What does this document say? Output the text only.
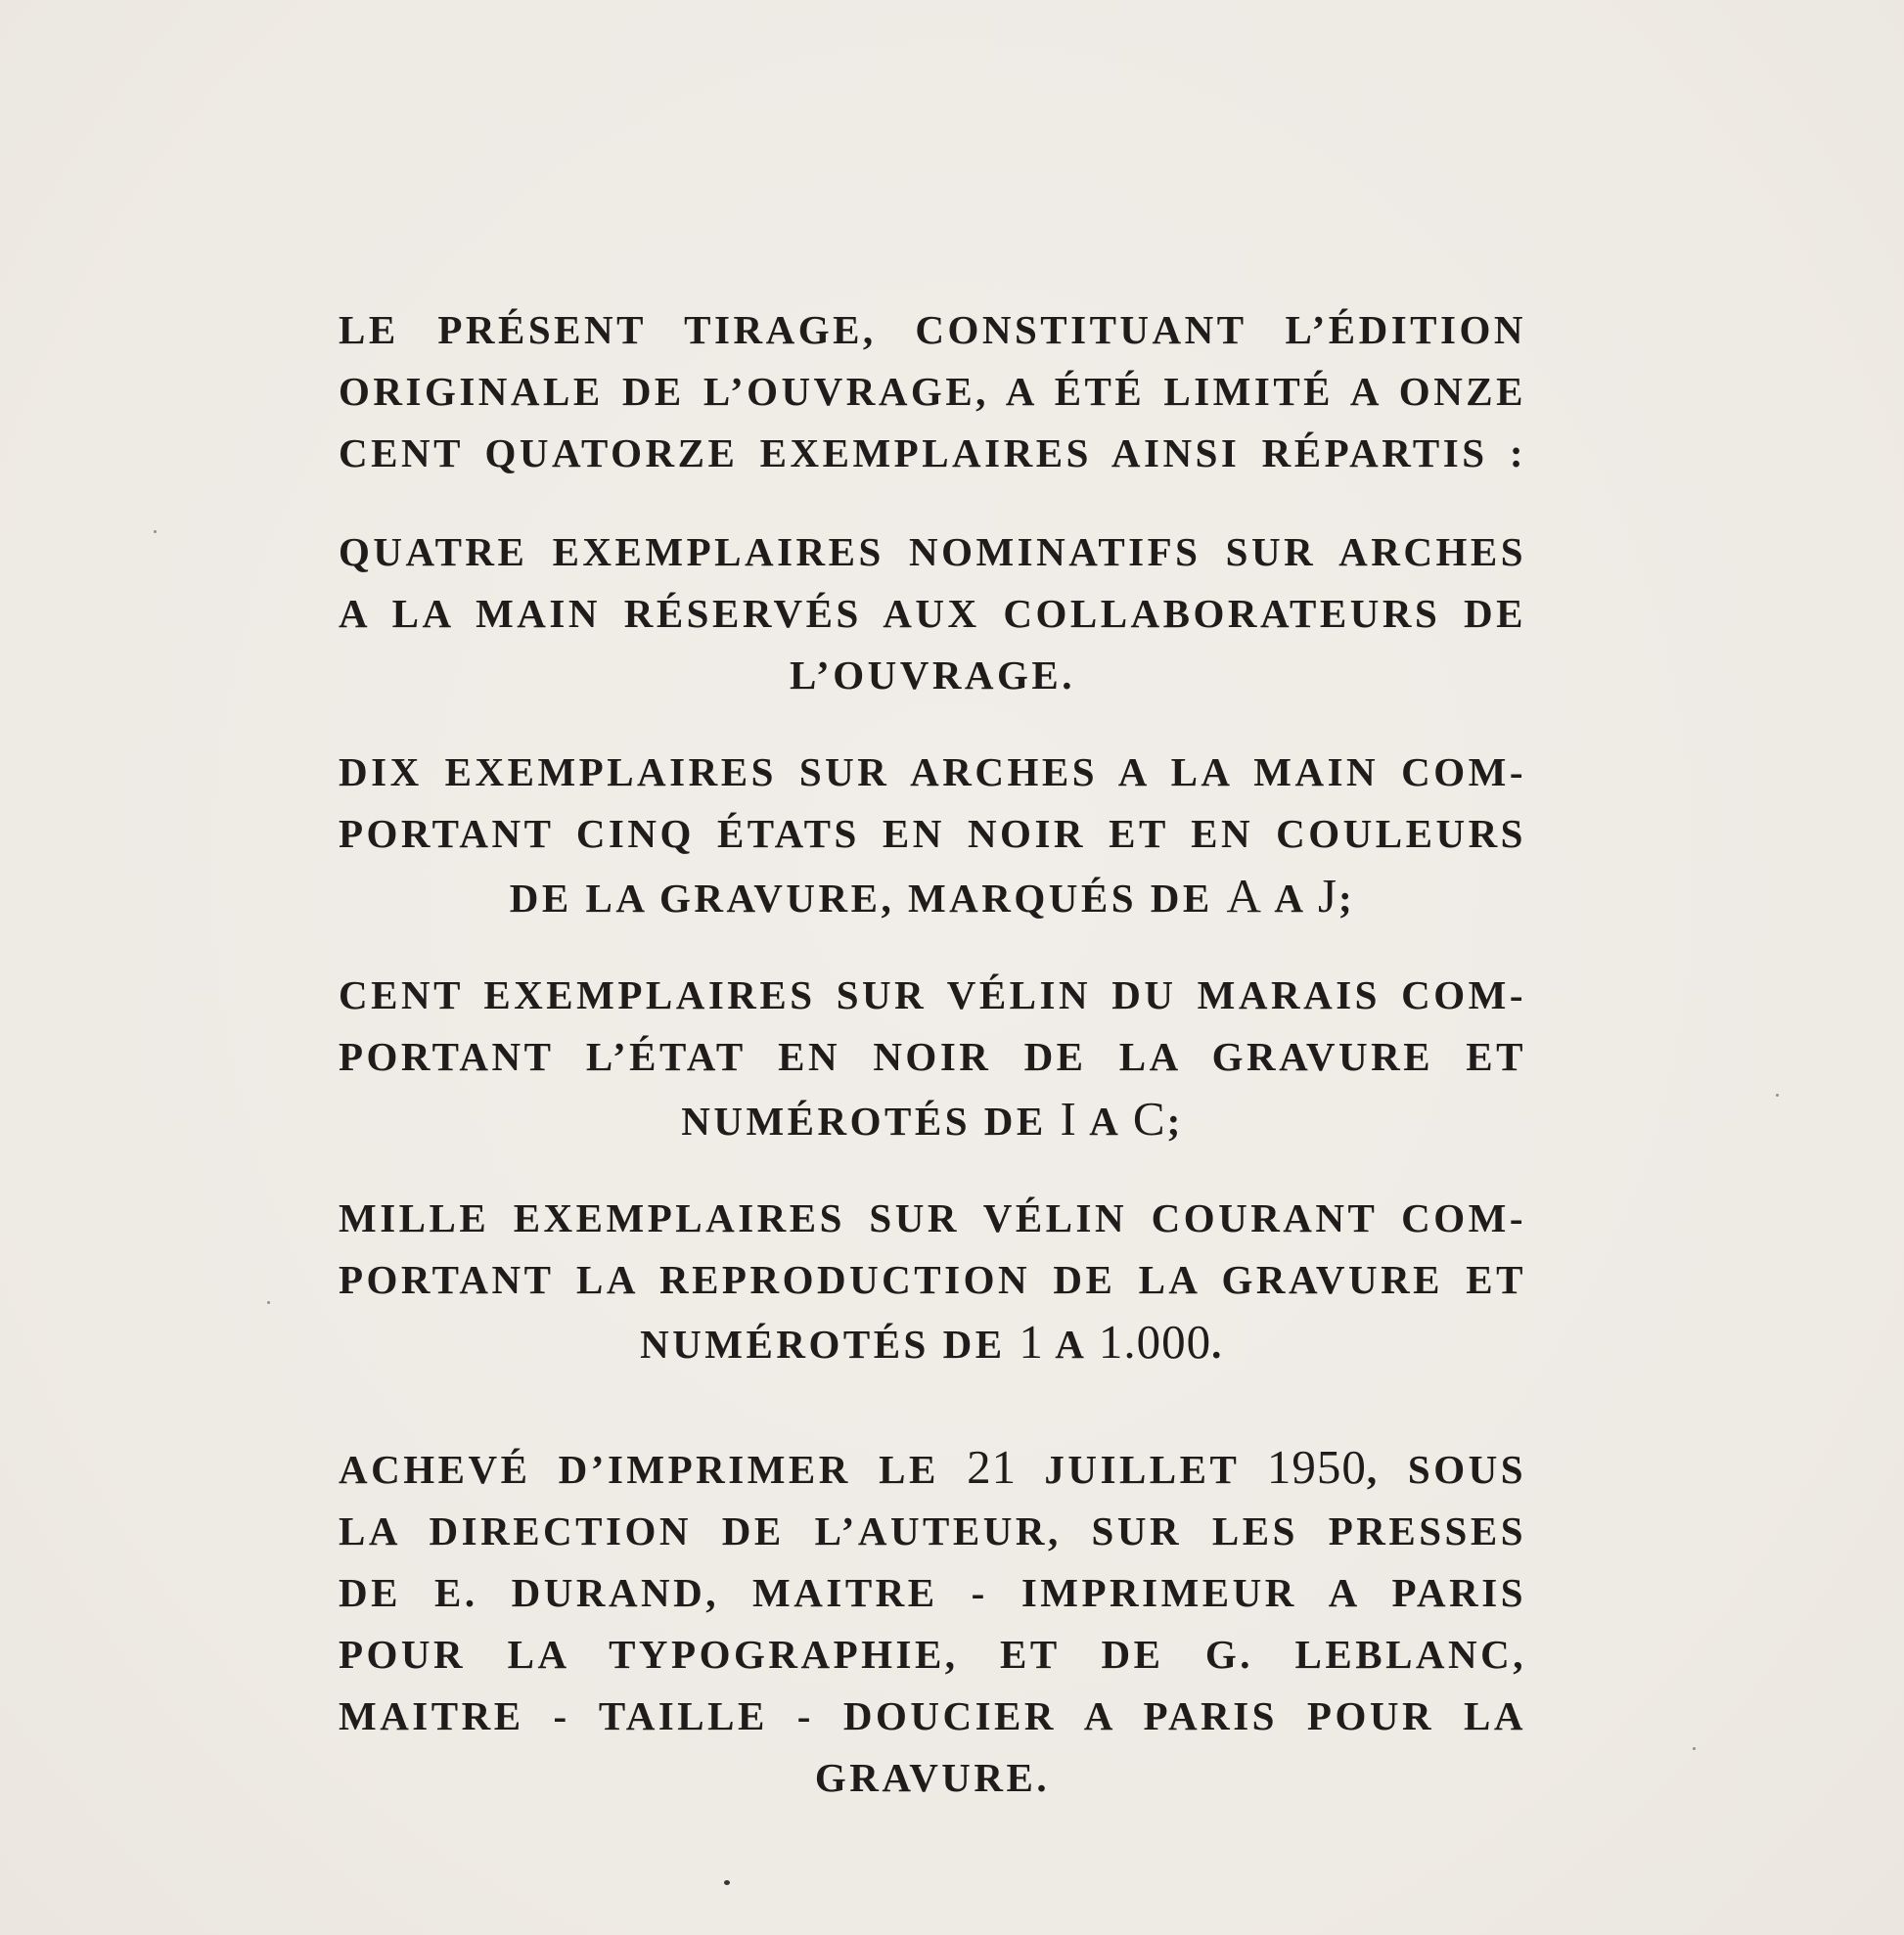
LE PRÉSENT TIRAGE, CONSTITUANT L’ÉDITION
ORIGINALE DE L’OUVRAGE, A ÉTÉ LIMITÉ A ONZE
CENT QUATORZE EXEMPLAIRES AINSI RÉPARTIS :
QUATRE EXEMPLAIRES NOMINATIFS SUR ARCHES
A LA MAIN RÉSERVÉS AUX COLLABORATEURS DE
L’OUVRAGE.
DIX EXEMPLAIRES SUR ARCHES A LA MAIN COM-
PORTANT CINQ ÉTATS EN NOIR ET EN COULEURS
DE LA GRAVURE, MARQUÉS DE A A J;
CENT EXEMPLAIRES SUR VÉLIN DU MARAIS COM-
PORTANT L’ÉTAT EN NOIR DE LA GRAVURE ET
NUMÉROTÉS DE I A C;
MILLE EXEMPLAIRES SUR VÉLIN COURANT COM-
PORTANT LA REPRODUCTION DE LA GRAVURE ET
NUMÉROTÉS DE 1 A 1.000.
ACHEVÉ D’IMPRIMER LE 21 JUILLET 1950, SOUS
LA DIRECTION DE L’AUTEUR, SUR LES PRESSES
DE E. DURAND, MAITRE - IMPRIMEUR A PARIS
POUR LA TYPOGRAPHIE, ET DE G. LEBLANC,
MAITRE - TAILLE - DOUCIER A PARIS POUR LA
GRAVURE.
